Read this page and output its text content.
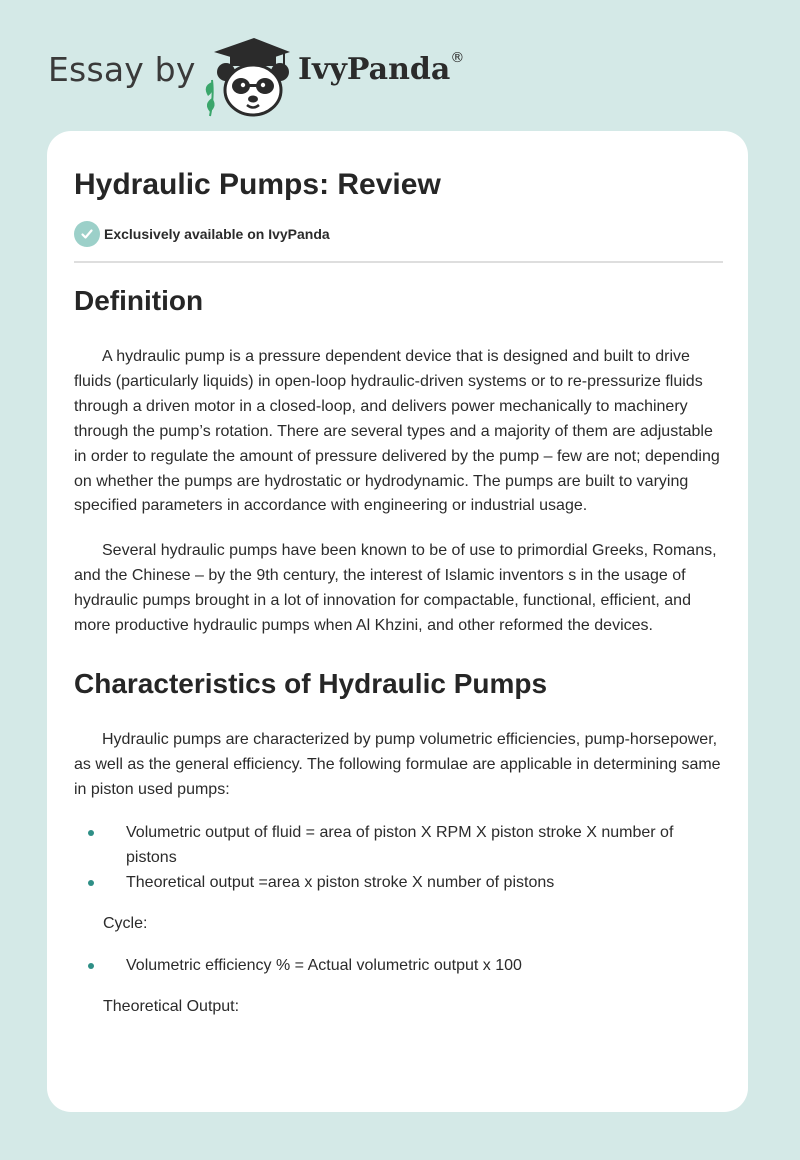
Essay by	IvyPanda®
Hydraulic Pumps: Review
Exclusively available on IvyPanda
Definition

A hydraulic pump is a pressure dependent device that is designed and built to drive fluids (particularly liquids) in open-loop hydraulic-driven systems or to re-pressurize fluids through a driven motor in a closed-loop, and delivers power mechanically to machinery through the pump’s rotation. There are several types and a majority of them are adjustable in order to regulate the amount of pressure delivered by the pump – few are not; depending on whether the pumps are hydrostatic or hydrodynamic. The pumps are built to varying specified parameters in accordance with engineering or industrial usage.

Several hydraulic pumps have been known to be of use to primordial Greeks, Romans, and the Chinese – by the 9th century, the interest of Islamic inventors s in the usage of hydraulic pumps brought in a lot of innovation for compactable, functional, efficient, and more productive hydraulic pumps when Al Khzini, and other reformed the devices.

Characteristics of Hydraulic Pumps

Hydraulic pumps are characterized by pump volumetric efficiencies, pump-horsepower, as well as the general efficiency. The following formulae are applicable in determining same in piston used pumps:

Volumetric output of fluid = area of piston X RPM X piston stroke X number of pistons
Theoretical output =area x piston stroke X number of pistons

Cycle:

Volumetric efficiency % = Actual volumetric output x 100

Theoretical Output:
